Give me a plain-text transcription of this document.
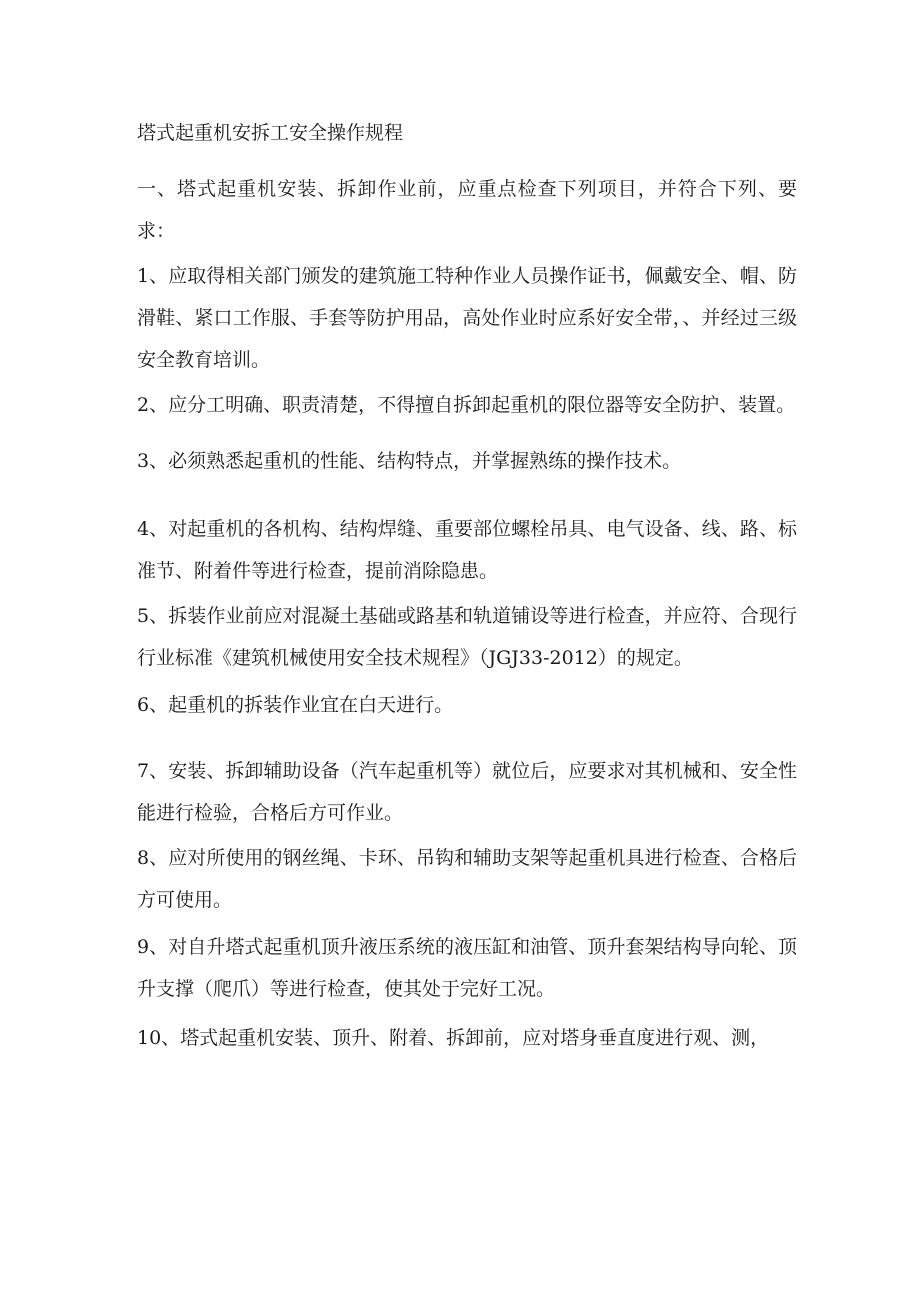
塔式起重机安拆工安全操作规程

一、塔式起重机安装、拆卸作业前，应重点检查下列项目，并符合下列、要求：

1、应取得相关部门颁发的建筑施工特种作业人员操作证书，佩戴安全、帽、防滑鞋、紧口工作服、手套等防护用品，高处作业时应系好安全带，、并经过三级安全教育培训。

2、应分工明确、职责清楚，不得擅自拆卸起重机的限位器等安全防护、装置。

3、必须熟悉起重机的性能、结构特点，并掌握熟练的操作技术。

4、对起重机的各机构、结构焊缝、重要部位螺栓吊具、电气设备、线、路、标准节、附着件等进行检查，提前消除隐患。

5、拆装作业前应对混凝土基础或路基和轨道铺设等进行检查，并应符、合现行行业标准《建筑机械使用安全技术规程》（JGJ33-2012）的规定。

6、起重机的拆装作业宜在白天进行。

7、安装、拆卸辅助设备（汽车起重机等）就位后，应要求对其机械和、安全性能进行检验，合格后方可作业。

8、应对所使用的钢丝绳、卡环、吊钩和辅助支架等起重机具进行检查、合格后方可使用。

9、对自升塔式起重机顶升液压系统的液压缸和油管、顶升套架结构导向轮、顶升支撑（爬爪）等进行检查，使其处于完好工况。

10、塔式起重机安装、顶升、附着、拆卸前，应对塔身垂直度进行观、测，
